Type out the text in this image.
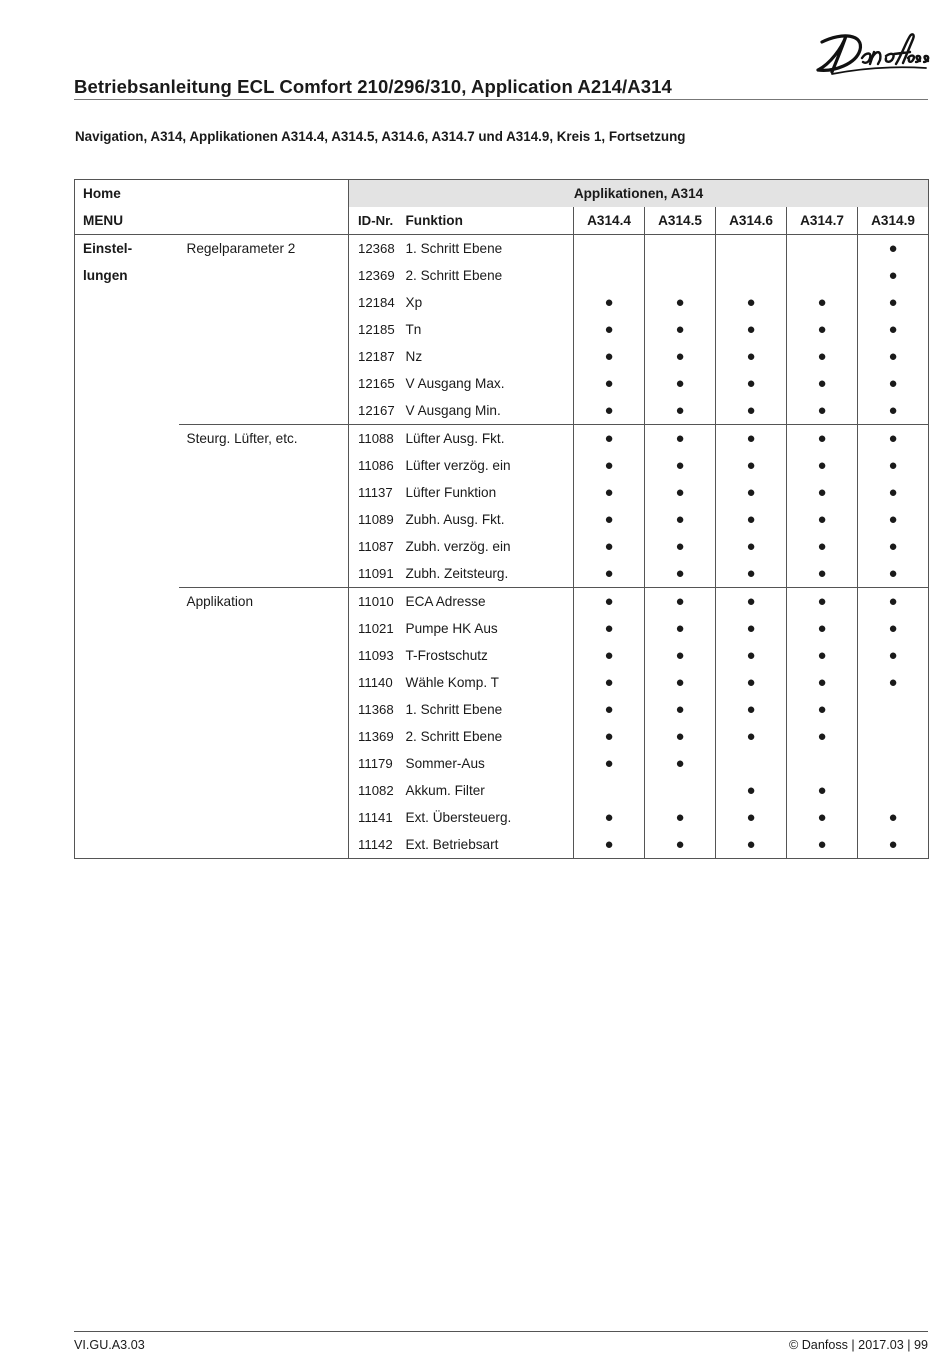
Betriebsanleitung ECL Comfort 210/296/310, Application A214/A314
Navigation, A314, Applikationen A314.4, A314.5, A314.6, A314.7 und A314.9, Kreis 1, Fortsetzung
Home		Applikationen, A314						
MENU		ID-Nr.	Funktion	A314.4	A314.5	A314.6	A314.7	A314.9
Einstel-	Regelparameter 2	12368	1. Schritt Ebene					●
lungen		12369	2. Schritt Ebene					●
		12184	Xp	●	●	●	●	●
		12185	Tn	●	●	●	●	●
		12187	Nz	●	●	●	●	●
		12165	V Ausgang Max.	●	●	●	●	●
		12167	V Ausgang Min.	●	●	●	●	●
	Steurg. Lüfter, etc.	11088	Lüfter Ausg. Fkt.	●	●	●	●	●
		11086	Lüfter verzög. ein	●	●	●	●	●
		11137	Lüfter Funktion	●	●	●	●	●
		11089	Zubh. Ausg. Fkt.	●	●	●	●	●
		11087	Zubh. verzög. ein	●	●	●	●	●
		11091	Zubh. Zeitsteurg.	●	●	●	●	●
	Applikation	11010	ECA Adresse	●	●	●	●	●
		11021	Pumpe HK Aus	●	●	●	●	●
		11093	T-Frostschutz	●	●	●	●	●
		11140	Wähle Komp. T	●	●	●	●	●
		11368	1. Schritt Ebene	●	●	●	●	
		11369	2. Schritt Ebene	●	●	●	●	
		11179	Sommer-Aus	●	●			
		11082	Akkum. Filter			●	●	
		11141	Ext. Übersteuerg.	●	●	●	●	●
		11142	Ext. Betriebsart	●	●	●	●	●
VI.GU.A3.03	© Danfoss | 2017.03 | 99
